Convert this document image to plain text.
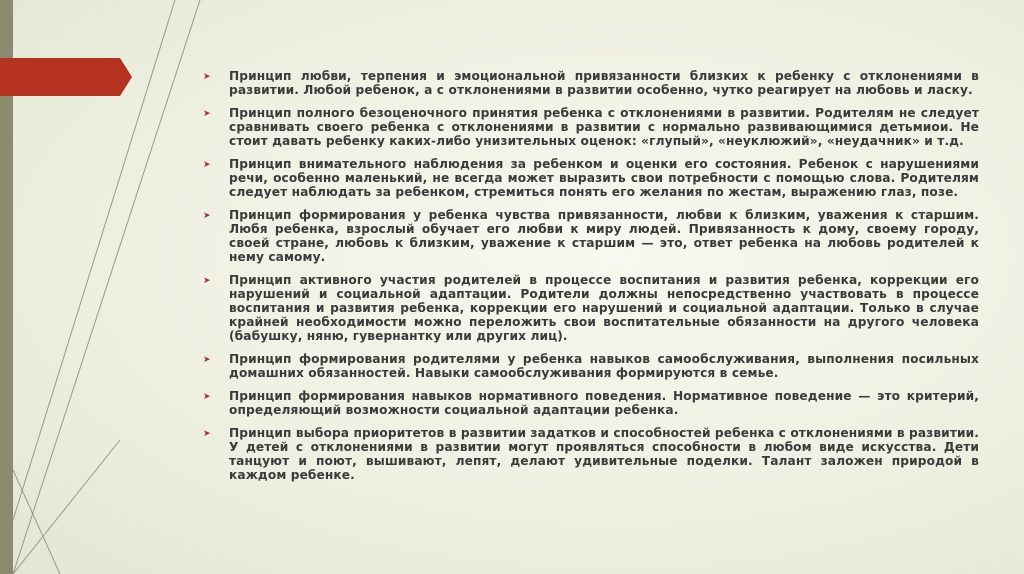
➤	Принцип любви, терпения и эмоциональной привязанности близких к ребенку с отклонениями в развитии. Любой ребенок, а с отклонениями в развитии особенно, чутко реагирует на любовь и ласку.
➤	Принцип полного безоценочного принятия ребенка с отклонениями в развитии. Родителям не следует сравнивать своего ребенка с отклонениями в развитии с нормально развивающимися детьмиои. Не стоит давать ребенку каких-либо унизительных оценок: «глупый», «неуклюжий», «неудачник» и т.д.
➤	Принцип внимательного наблюдения за ребенком и оценки его состояния. Ребенок с нарушениями речи, особенно маленький, не всегда может выразить свои потребности с помощью слова. Родителям следует наблюдать за ребенком, стремиться понять его желания по жестам, выражению глаз, позе.
➤	Принцип формирования у ребенка чувства привязанности, любви к близким, уважения к старшим. Любя ребенка, взрослый обучает его любви к миру людей. Привязанность к дому, своему городу, своей стране, любовь к близким, уважение к старшим — это, ответ ребенка на любовь родителей к нему самому.
➤	Принцип активного участия родителей в процессе воспитания и развития ребенка, коррекции его нарушений и социальной адаптации. Родители должны непосредственно участвовать в процессе воспитания и развития ребенка, коррекции его нарушений и социальной адаптации. Только в случае крайней необходимости можно переложить свои воспитательные обязанности на другого человека (бабушку, няню, гувернантку или других лиц).
➤	Принцип формирования родителями у ребенка навыков самообслуживания, выполнения посильных домашних обязанностей. Навыки самообслуживания формируются в семье.
➤	Принцип формирования навыков нормативного поведения. Нормативное поведение — это критерий, определяющий возможности социальной адаптации ребенка.
➤	Принцип выбора приоритетов в развитии задатков и способностей ребенка с отклонениями в развитии. У детей с отклонениями в развитии могут проявляться способности в любом виде искусства. Дети танцуют и поют, вышивают, лепят, делают удивительные поделки. Талант заложен природой в каждом ребенке.
